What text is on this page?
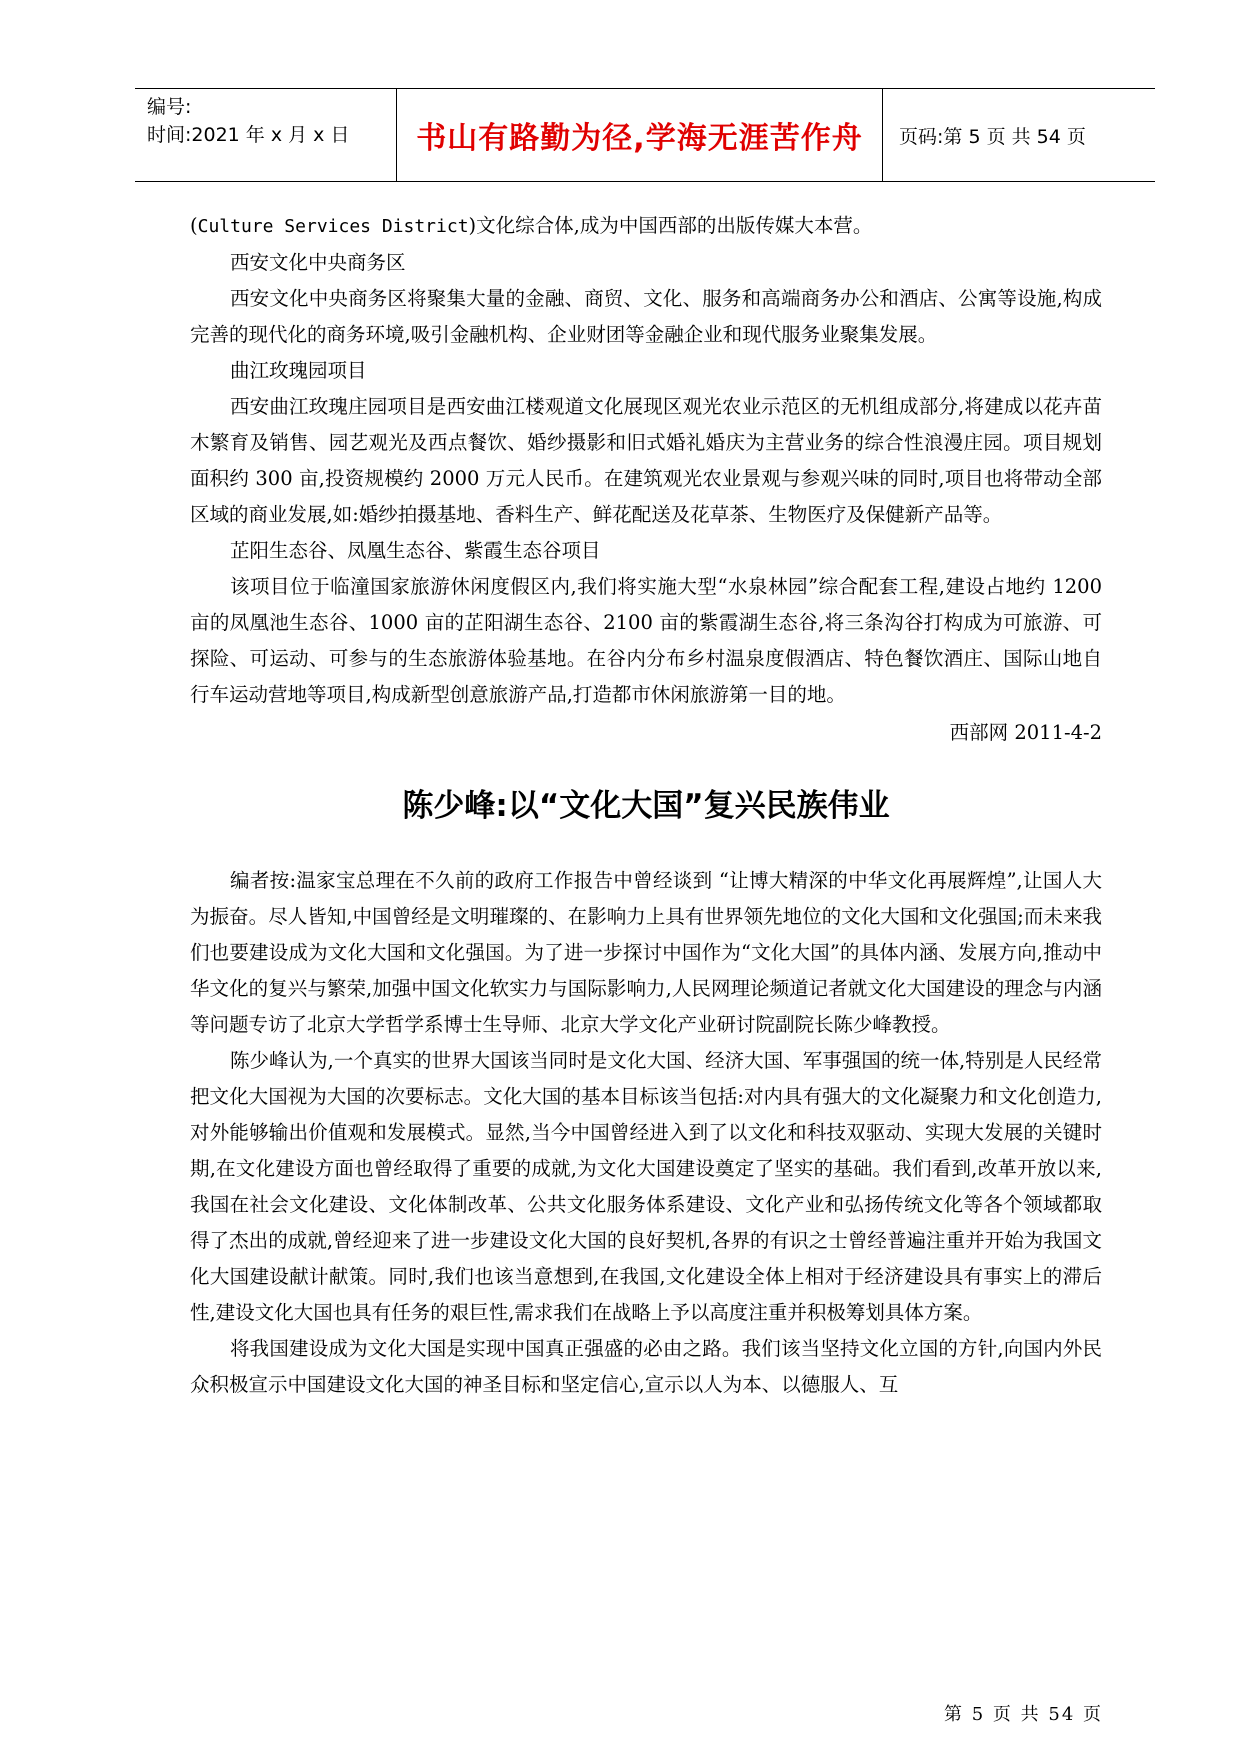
编号:
时间:2021 年 x 月 x 日	书山有路勤为径,学海无涯苦作舟	页码:第 5 页 共 54 页

(Culture Services District)文化综合体,成为中国西部的出版传媒大本营。

西安文化中央商务区

西安文化中央商务区将聚集大量的金融、商贸、文化、服务和高端商务办公和酒店、公寓等设施,构成完善的现代化的商务环境,吸引金融机构、企业财团等金融企业和现代服务业聚集发展。

曲江玫瑰园项目

西安曲江玫瑰庄园项目是西安曲江楼观道文化展现区观光农业示范区的无机组成部分,将建成以花卉苗木繁育及销售、园艺观光及西点餐饮、婚纱摄影和旧式婚礼婚庆为主营业务的综合性浪漫庄园。项目规划面积约 300 亩,投资规模约 2000 万元人民币。在建筑观光农业景观与参观兴味的同时,项目也将带动全部区域的商业发展,如:婚纱拍摄基地、香料生产、鲜花配送及花草茶、生物医疗及保健新产品等。

芷阳生态谷、凤凰生态谷、紫霞生态谷项目

该项目位于临潼国家旅游休闲度假区内,我们将实施大型“水泉林园”综合配套工程,建设占地约 1200 亩的凤凰池生态谷、1000 亩的芷阳湖生态谷、2100 亩的紫霞湖生态谷,将三条沟谷打构成为可旅游、可探险、可运动、可参与的生态旅游体验基地。在谷内分布乡村温泉度假酒店、特色餐饮酒庄、国际山地自行车运动营地等项目,构成新型创意旅游产品,打造都市休闲旅游第一目的地。

西部网 2011-4-2

陈少峰:以“文化大国”复兴民族伟业

编者按:温家宝总理在不久前的政府工作报告中曾经谈到 “让博大精深的中华文化再展辉煌”,让国人大为振奋。尽人皆知,中国曾经是文明璀璨的、在影响力上具有世界领先地位的文化大国和文化强国;而未来我们也要建设成为文化大国和文化强国。为了进一步探讨中国作为“文化大国”的具体内涵、发展方向,推动中华文化的复兴与繁荣,加强中国文化软实力与国际影响力,人民网理论频道记者就文化大国建设的理念与内涵等问题专访了北京大学哲学系博士生导师、北京大学文化产业研讨院副院长陈少峰教授。

陈少峰认为,一个真实的世界大国该当同时是文化大国、经济大国、军事强国的统一体,特别是人民经常把文化大国视为大国的次要标志。文化大国的基本目标该当包括:对内具有强大的文化凝聚力和文化创造力,对外能够输出价值观和发展模式。显然,当今中国曾经进入到了以文化和科技双驱动、实现大发展的关键时期,在文化建设方面也曾经取得了重要的成就,为文化大国建设奠定了坚实的基础。我们看到,改革开放以来,我国在社会文化建设、文化体制改革、公共文化服务体系建设、文化产业和弘扬传统文化等各个领域都取得了杰出的成就,曾经迎来了进一步建设文化大国的良好契机,各界的有识之士曾经普遍注重并开始为我国文化大国建设献计献策。同时,我们也该当意想到,在我国,文化建设全体上相对于经济建设具有事实上的滞后性,建设文化大国也具有任务的艰巨性,需求我们在战略上予以高度注重并积极筹划具体方案。

将我国建设成为文化大国是实现中国真正强盛的必由之路。我们该当坚持文化立国的方针,向国内外民众积极宣示中国建设文化大国的神圣目标和坚定信心,宣示以人为本、以德服人、互

第 5 页 共 54 页
